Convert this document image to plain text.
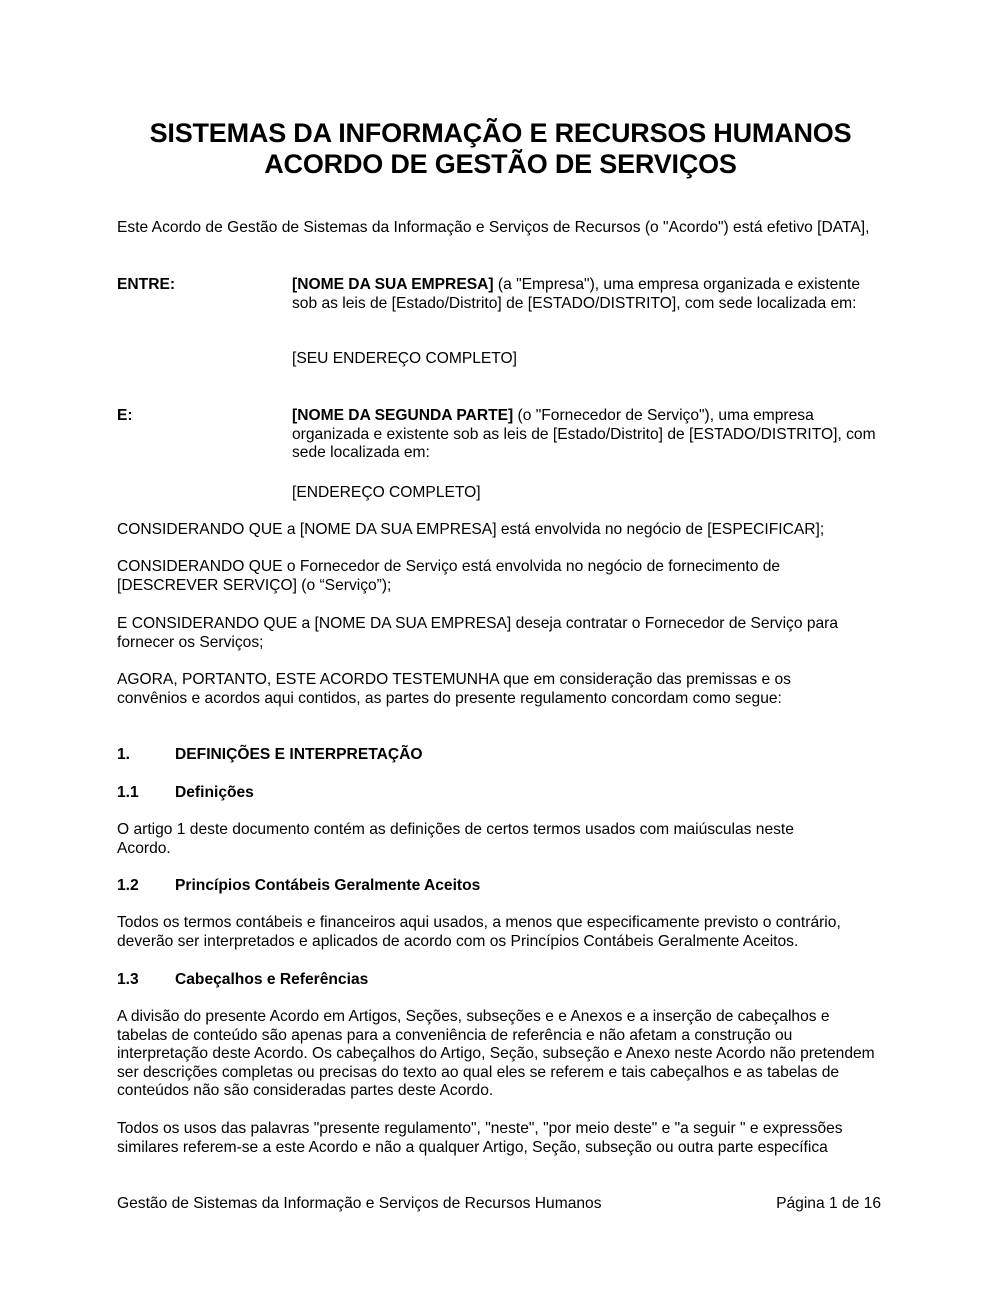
SISTEMAS DA INFORMAÇÃO E RECURSOS HUMANOS
ACORDO DE GESTÃO DE SERVIÇOS
Este Acordo de Gestão de Sistemas da Informação e Serviços de Recursos (o "Acordo") está efetivo [DATA],
ENTRE:	[NOME DA SUA EMPRESA] (a "Empresa"), uma empresa organizada e existente sob as leis de [Estado/Distrito] de [ESTADO/DISTRITO], com sede localizada em:
[SEU ENDEREÇO COMPLETO]
E:	[NOME DA SEGUNDA PARTE] (o "Fornecedor de Serviço"), uma empresa organizada e existente sob as leis de [Estado/Distrito] de [ESTADO/DISTRITO], com sede localizada em:
[ENDEREÇO COMPLETO]
CONSIDERANDO QUE a [NOME DA SUA EMPRESA] está envolvida no negócio de [ESPECIFICAR];
CONSIDERANDO QUE o Fornecedor de Serviço está envolvida no negócio de fornecimento de [DESCREVER SERVIÇO] (o “Serviço”);
E CONSIDERANDO QUE a [NOME DA SUA EMPRESA] deseja contratar o Fornecedor de Serviço para fornecer os Serviços;
AGORA, PORTANTO, ESTE ACORDO TESTEMUNHA que em consideração das premissas e os convênios e acordos aqui contidos, as partes do presente regulamento concordam como segue:
1.	DEFINIÇÕES E INTERPRETAÇÃO
1.1 Definições
O artigo 1 deste documento contém as definições de certos termos usados com maiúsculas neste Acordo.
1.2 Princípios Contábeis Geralmente Aceitos
Todos os termos contábeis e financeiros aqui usados, a menos que especificamente previsto o contrário, deverão ser interpretados e aplicados de acordo com os Princípios Contábeis Geralmente Aceitos.
1.3 Cabeçalhos e Referências
A divisão do presente Acordo em Artigos, Seções, subseções e e Anexos e a inserção de cabeçalhos e tabelas de conteúdo são apenas para a conveniência de referência e não afetam a construção ou interpretação deste Acordo. Os cabeçalhos do Artigo, Seção, subseção e Anexo neste Acordo não pretendem ser descrições completas ou precisas do texto ao qual eles se referem e tais cabeçalhos e as tabelas de conteúdos não são consideradas partes deste Acordo.
Todos os usos das palavras "presente regulamento", "neste", "por meio deste" e "a seguir " e expressões similares referem-se a este Acordo e não a qualquer Artigo, Seção, subseção ou outra parte específica
Gestão de Sistemas da Informação e Serviços de Recursos Humanos	Página 1 de 16
